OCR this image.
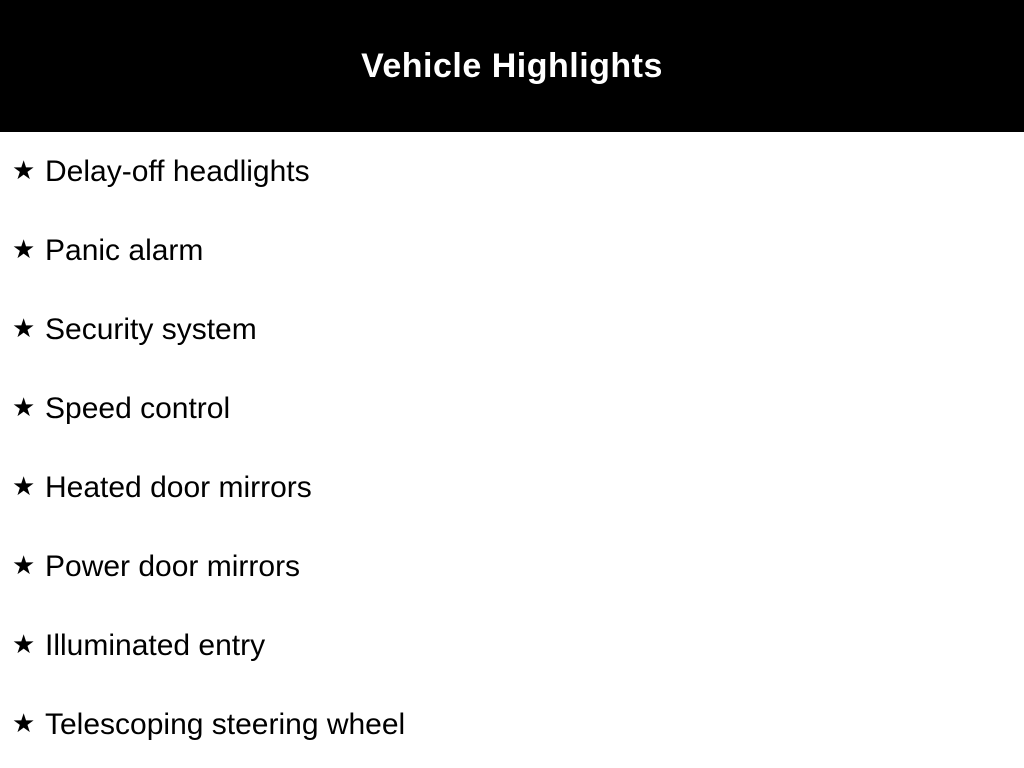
Vehicle Highlights
★ Delay-off headlights
★ Panic alarm
★ Security system
★ Speed control
★ Heated door mirrors
★ Power door mirrors
★ Illuminated entry
★ Telescoping steering wheel
